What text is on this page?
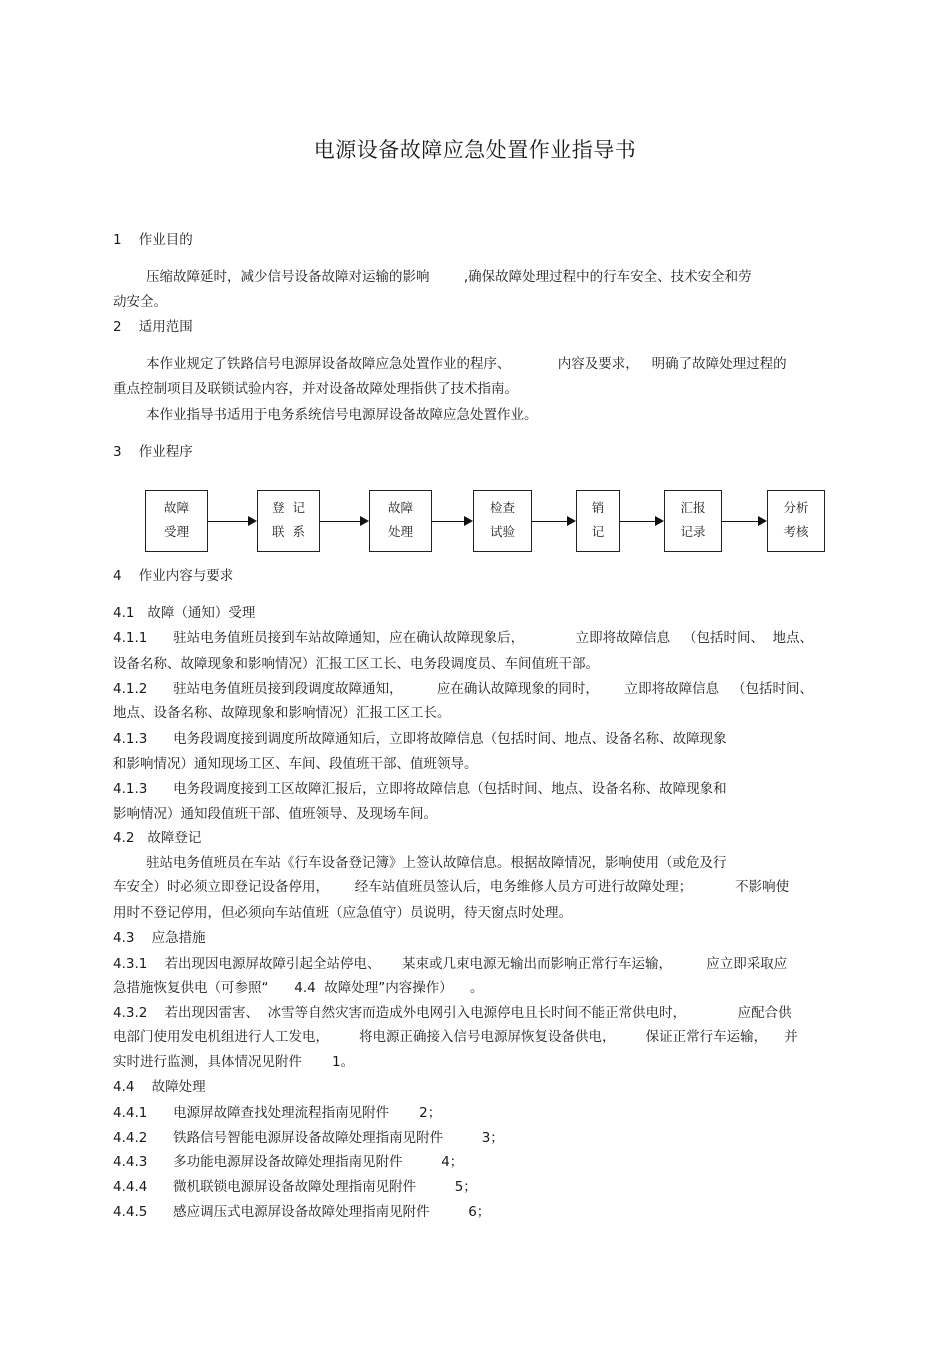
电源设备故障应急处置作业指导书
1    作业目的
压缩故障延时，减少信号设备故障对运输的影响        ,确保故障处理过程中的行车安全、技术安全和劳
动安全。
2    适用范围
本作业规定了铁路信号电源屏设备故障应急处置作业的程序、           内容及要求，   明确了故障处理过程的
重点控制项目及联锁试验内容，并对设备故障处理指供了技术指南。
本作业指导书适用于电务系统信号电源屏设备故障应急处置作业。
3    作业程序
4    作业内容与要求
4.1   故障（通知）受理
4.1.1      驻站电务值班员接到车站故障通知，应在确认故障现象后，            立即将故障信息   （包括时间、  地点、
设备名称、故障现象和影响情况）汇报工区工长、电务段调度员、车间值班干部。
4.1.2      驻站电务值班员接到段调度故障通知，        应在确认故障现象的同时，      立即将故障信息   （包括时间、
地点、设备名称、故障现象和影响情况）汇报工区工长。
4.1.3      电务段调度接到调度所故障通知后，立即将故障信息（包括时间、地点、设备名称、故障现象
和影响情况）通知现场工区、车间、段值班干部、值班领导。
4.1.3      电务段调度接到工区故障汇报后，立即将故障信息（包括时间、地点、设备名称、故障现象和
影响情况）通知段值班干部、值班领导、及现场车间。
4.2   故障登记
驻站电务值班员在车站《行车设备登记簿》上签认故障信息。根据故障情况，影响使用（或危及行
车安全）时必须立即登记设备停用，      经车站值班员签认后，电务维修人员方可进行故障处理；          不影响使
用时不登记停用，但必须向车站值班（应急值守）员说明，待天窗点时处理。
4.3    应急措施
4.3.1    若出现因电源屏故障引起全站停电、     某束或几束电源无输出而影响正常行车运输，        应立即采取应
急措施恢复供电（可参照“      4.4  故障处理”内容操作）    。
4.3.2    若出现因雷害、  冰雪等自然灾害而造成外电网引入电源停电且长时间不能正常供电时，            应配合供
电部门使用发电机组进行人工发电，       将电源正确接入信号电源屏恢复设备供电，       保证正常行车运输，    并
实时进行监测，具体情况见附件       1。
4.4    故障处理
4.4.1      电源屏故障查找处理流程指南见附件       2；
4.4.2      铁路信号智能电源屏设备故障处理指南见附件         3；
4.4.3      多功能电源屏设备故障处理指南见附件         4；
4.4.4      微机联锁电源屏设备故障处理指南见附件         5；
4.4.5      感应调压式电源屏设备故障处理指南见附件         6；
故障
受理
登  记
联  系
故障
处理
检查
试验
销
记
汇报
记录
分析
考核
